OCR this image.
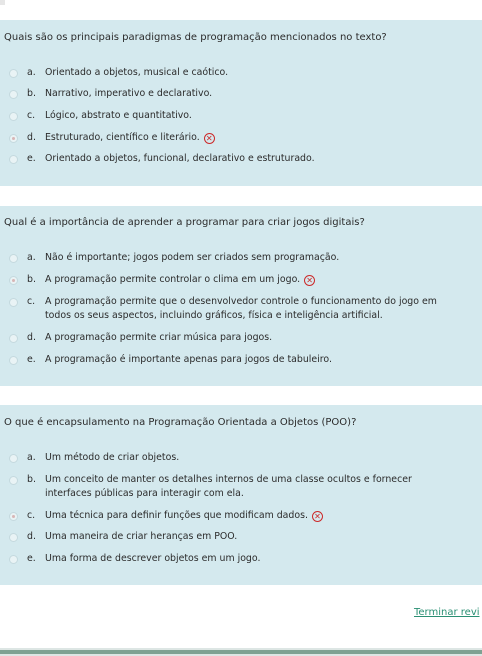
Quais são os principais paradigmas de programação mencionados no texto?
a. Orientado a objetos, musical e caótico.
b. Narrativo, imperativo e declarativo.
c. Lógico, abstrato e quantitativo.
d. Estruturado, científico e literário. ✕
e. Orientado a objetos, funcional, declarativo e estruturado.
Qual é a importância de aprender a programar para criar jogos digitais?
a. Não é importante; jogos podem ser criados sem programação.
b. A programação permite controlar o clima em um jogo. ✕
c. A programação permite que o desenvolvedor controle o funcionamento do jogo em
todos os seus aspectos, incluindo gráficos, física e inteligência artificial.
d. A programação permite criar música para jogos.
e. A programação é importante apenas para jogos de tabuleiro.
O que é encapsulamento na Programação Orientada a Objetos (POO)?
a. Um método de criar objetos.
b. Um conceito de manter os detalhes internos de uma classe ocultos e fornecer
interfaces públicas para interagir com ela.
c. Uma técnica para definir funções que modificam dados. ✕
d. Uma maneira de criar heranças em POO.
e. Uma forma de descrever objetos em um jogo.
Terminar revi
